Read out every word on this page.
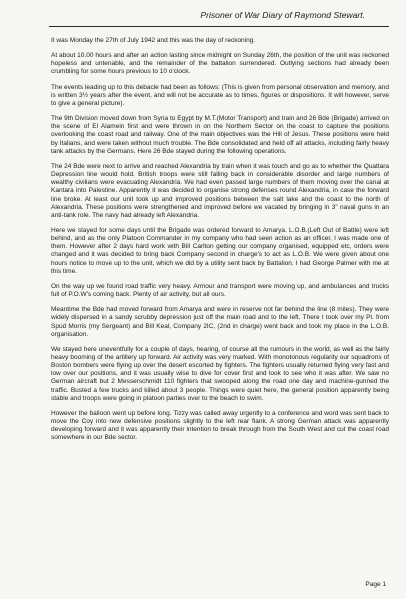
Prisoner of War Diary of Raymond Stewart.

It was Monday the 27th of July 1942 and this was the day of reckoning.

At about 10.00 hours and after an action lasting since midnight on Sunday 26th, the position of the unit was reckoned hopeless and untenable, and the remainder of the battalion surrendered. Outlying sections had already been crumbling for some hours previous to 10 o'clock.

The events leading up to this debacle had been as follows: (This is given from personal observation and memory, and is written 3½ years after the event, and will not be accurate as to times, figures or dispositions. It will however, serve to give a general picture).

The 9th Division moved down from Syria to Egypt by M.T.(Motor Transport) and train and 26 Bde (Brigade) arrived on the scene of El Alamein first and were thrown in on the Northern Sector on the coast to capture the positions overlooking the coast road and railway. One of the main objectives was the Hill of Jesus. These positions were held by Italians, and were taken without much trouble. The Bde consolidated and held off all attacks, including fairly heavy tank attacks by the Germans. Here 26 Bde stayed during the following operations.

The 24 Bde were next to arrive and reached Alexandria by train when it was touch and go as to whether the Quattara Depression line would hold. British troops were still falling back in considerable disorder and large numbers of wealthy civilians were evacuating Alexandria. We had even passed large numbers of them moving over the canal at Kantara into Palestine. Apparently it was decided to organise strong defenses round Alexandria, in case the forward line broke. At least our unit took up and improved positions between the salt lake and the coast to the north of Alexandria. These positions were strengthened and improved before we vacated by bringing in 3" naval guns in an anti-tank role. The navy had already left Alexandria.

Here we stayed for some days until the Brigade was ordered forward to Amarya. L.O.B.(Left Out of Battle) were left behind, and as the only Platoon Commander in my company who had seen action as an officer, I was made one of them. However after 2 days hard work with Bill Carlton getting our company organised, equipped etc, orders were changed and it was decided to bring back Company second in charge's to act as L.O.B. We were given about one hours notice to move up to the unit, which we did by a utility sent back by Battalion. I had George Palmer with me at this time.

On the way up we found road traffic very heavy. Armour and transport were moving up, and ambulances and trucks full of P.O.W's coming back. Plenty of air activity, but all ours.

Meantime the Bde had moved forward from Amarya and were in reserve not far behind the line (8 miles). They were widely dispersed in a sandy scrubby depression just off the main road and to the left. There I took over my Pl. from Spud Morris (my Sergeant) and Bill Keal, Company 2IC, (2nd in charge) went back and took my place in the L.O.B. organisation.

We stayed here uneventfully for a couple of days, hearing, of course all the rumours in the world, as well as the fairly heavy booming of the artillery up forward. Air activity was very marked. With monotonous regularity our squadrons of Boston bombers were flying up over the desert escorted by fighters. The fighters usually returned flying very fast and low over our positions, and it was usually wise to dive for cover first and look to see who it was after. We saw no German aircraft but 2 Messerschmidt 110 fighters that swooped along the road one day and machine-gunned the traffic. Busted a few trucks and killed about 3 people. Things were quiet here, the general position apparently being stable and troops were going in platoon parties over to the beach to swim.

However the balloon went up before long. Tizzy was called away urgently to a conference and word was sent back to move the Coy into new defensive positions slightly to the left rear flank. A strong German attack was apparently developing forward and it was apparently their intention to break through from the South West and cut the coast road somewhere in our Bde sector.

Page 1
